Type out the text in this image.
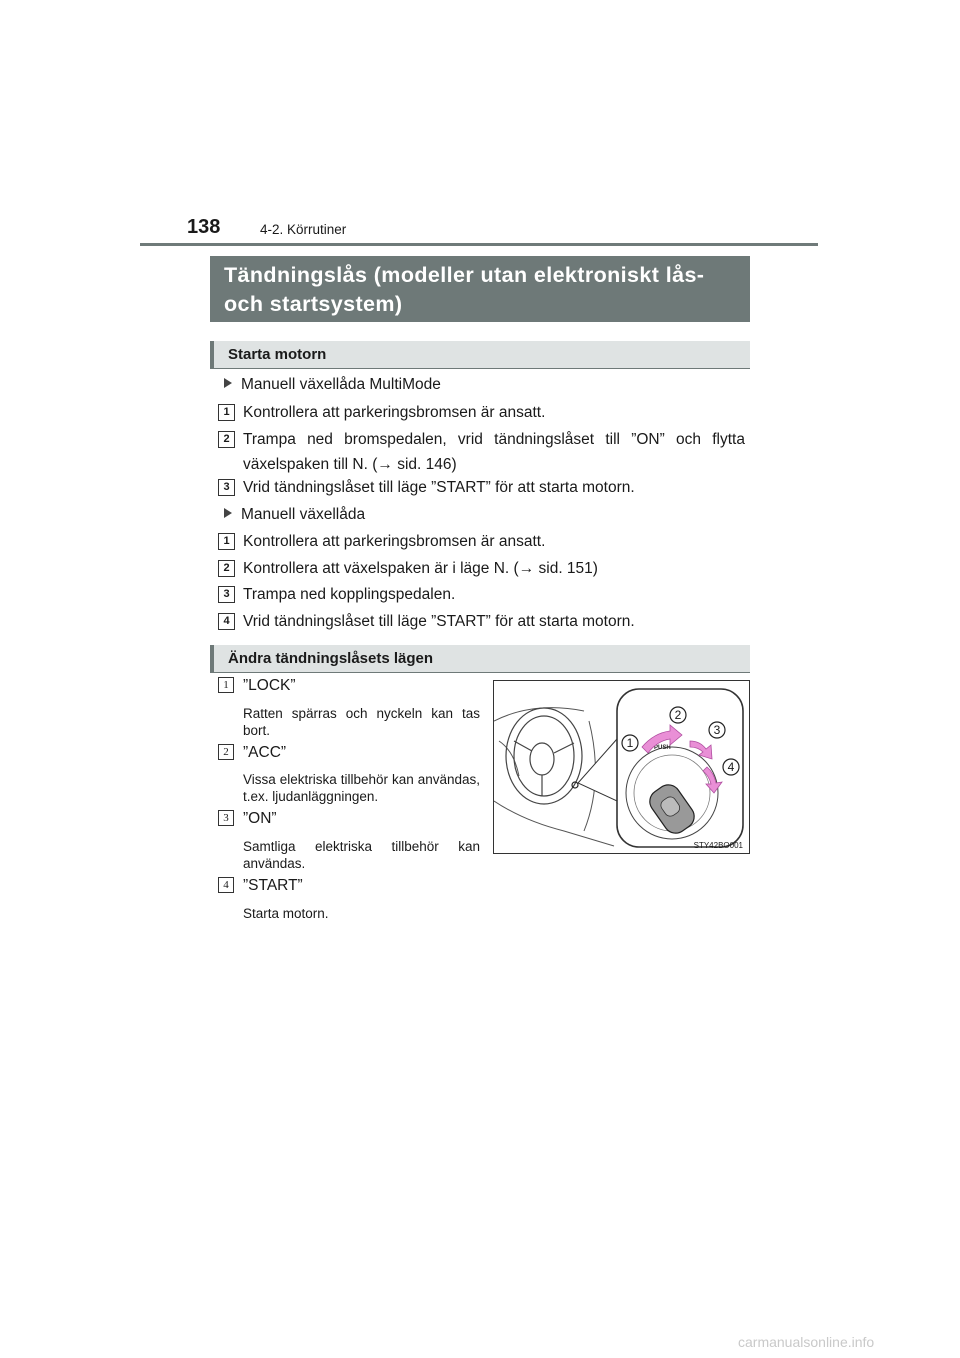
138	4-2. Körrutiner
Tändningslås (modeller utan elektroniskt lås- och startsystem)
Starta motorn
Manuell växellåda MultiMode
1 Kontrollera att parkeringsbromsen är ansatt.
2 Trampa ned bromspedalen, vrid tändningslåset till ”ON” och flytta växelspaken till N. (→ sid. 146)
3 Vrid tändningslåset till läge ”START” för att starta motorn.
Manuell växellåda
1 Kontrollera att parkeringsbromsen är ansatt.
2 Kontrollera att växelspaken är i läge N. (→ sid. 151)
3 Trampa ned kopplingspedalen.
4 Vrid tändningslåset till läge ”START” för att starta motorn.
Ändra tändningslåsets lägen
1 ”LOCK”
Ratten spärras och nyckeln kan tas bort.
2 ”ACC”
Vissa elektriska tillbehör kan användas, t.ex. ljudanläggningen.
3 ”ON”
Samtliga elektriska tillbehör kan användas.
4 ”START”
Starta motorn.
PUSH
1
2
3
4
STY42BO001
carmanualsonline.info
